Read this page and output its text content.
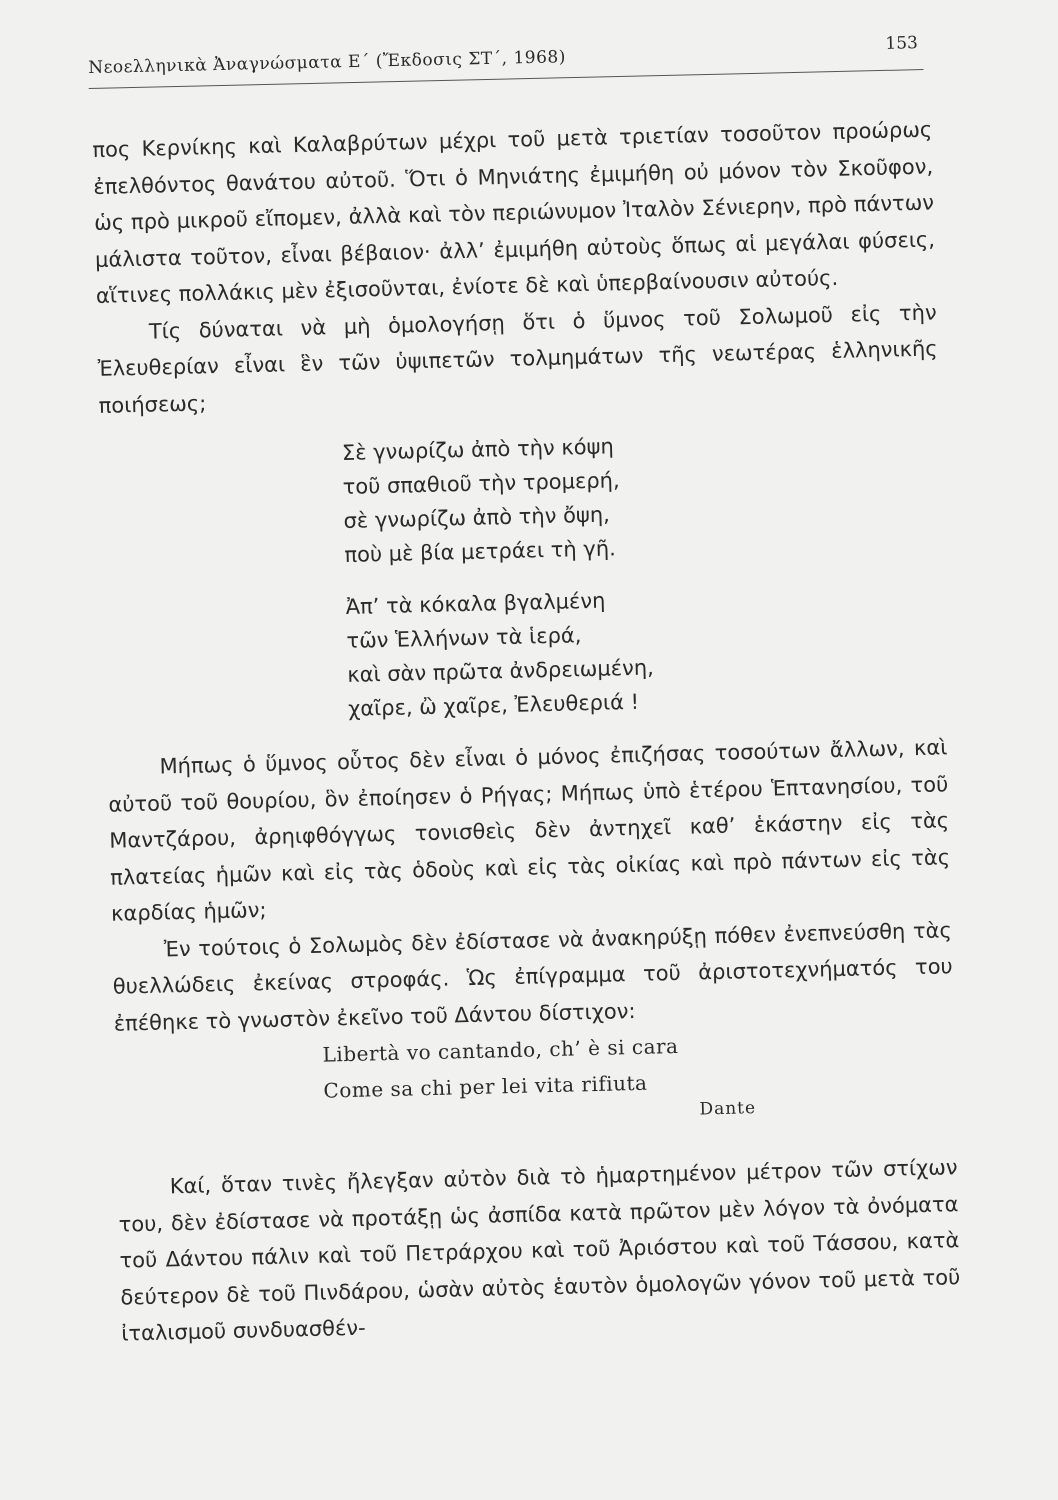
Νεοελληνικὰ Ἀναγνώσματα Ε΄ (Ἔκδοσις ΣΤ΄, 1968)
153

πος Κερνίκης καὶ Καλαβρύτων μέχρι τοῦ μετὰ τριετίαν τοσοῦτον προώρως ἐπελθόντος θανάτου αὐτοῦ. Ὅτι ὁ Μηνιάτης ἐμιμήθη οὐ μόνον τὸν Σκοῦφον, ὡς πρὸ μικροῦ εἴπομεν, ἀλλὰ καὶ τὸν περιώνυμον Ἰταλὸν Σένιερην, πρὸ πάντων μάλιστα τοῦτον, εἶναι βέβαιον· ἀλλ’ ἐμιμήθη αὐτοὺς ὅπως αἱ μεγάλαι φύσεις, αἵτινες πολλάκις μὲν ἐξισοῦνται, ἐνίοτε δὲ καὶ ὑπερβαίνουσιν αὐτούς.

Τίς δύναται νὰ μὴ ὁμολογήσῃ ὅτι ὁ ὕμνος τοῦ Σολωμοῦ εἰς τὴν Ἐλευθερίαν εἶναι ἓν τῶν ὑψιπετῶν τολμημάτων τῆς νεωτέρας ἑλληνικῆς ποιήσεως;

Σὲ γνωρίζω ἀπὸ τὴν κόψη
τοῦ σπαθιοῦ τὴν τρομερή,
σὲ γνωρίζω ἀπὸ τὴν ὄψη,
ποὺ μὲ βία μετράει τὴ γῆ.
Ἀπ’ τὰ κόκαλα βγαλμένη
τῶν Ἑλλήνων τὰ ἱερά,
καὶ σὰν πρῶτα ἀνδρειωμένη,
χαῖρε, ὢ χαῖρε, Ἐλευθεριά !

Μήπως ὁ ὕμνος οὗτος δὲν εἶναι ὁ μόνος ἐπιζήσας τοσούτων ἄλλων, καὶ αὐτοῦ τοῦ θουρίου, ὃν ἐποίησεν ὁ Ρήγας; Μήπως ὑπὸ ἑτέρου Ἑπτανησίου, τοῦ Μαντζάρου, ἀρηιφθόγγως τονισθεὶς δὲν ἀντηχεῖ καθ’ ἑκάστην εἰς τὰς πλατείας ἡμῶν καὶ εἰς τὰς ὁδοὺς καὶ εἰς τὰς οἰκίας καὶ πρὸ πάντων εἰς τὰς καρδίας ἡμῶν;

Ἐν τούτοις ὁ Σολωμὸς δὲν ἐδίστασε νὰ ἀνακηρύξῃ πόθεν ἐνεπνεύσθη τὰς θυελλώδεις ἐκείνας στροφάς. Ὡς ἐπίγραμμα τοῦ ἀριστοτεχνήματός του ἐπέθηκε τὸ γνωστὸν ἐκεῖνο τοῦ Δάντου δίστιχον:

Libertà vo cantando, ch’ è si cara
Come sa chi per lei vita rifiuta
Dante

Καί, ὅταν τινὲς ἤλεγξαν αὐτὸν διὰ τὸ ἡμαρτημένον μέτρον τῶν στίχων του, δὲν ἐδίστασε νὰ προτάξῃ ὡς ἀσπίδα κατὰ πρῶτον μὲν λόγον τὰ ὀνόματα τοῦ Δάντου πάλιν καὶ τοῦ Πετράρχου καὶ τοῦ Ἀριόστου καὶ τοῦ Τάσσου, κατὰ δεύτερον δὲ τοῦ Πινδάρου, ὡσὰν αὐτὸς ἑαυτὸν ὁμολογῶν γόνον τοῦ μετὰ τοῦ ἰταλισμοῦ συνδυασθέν-
